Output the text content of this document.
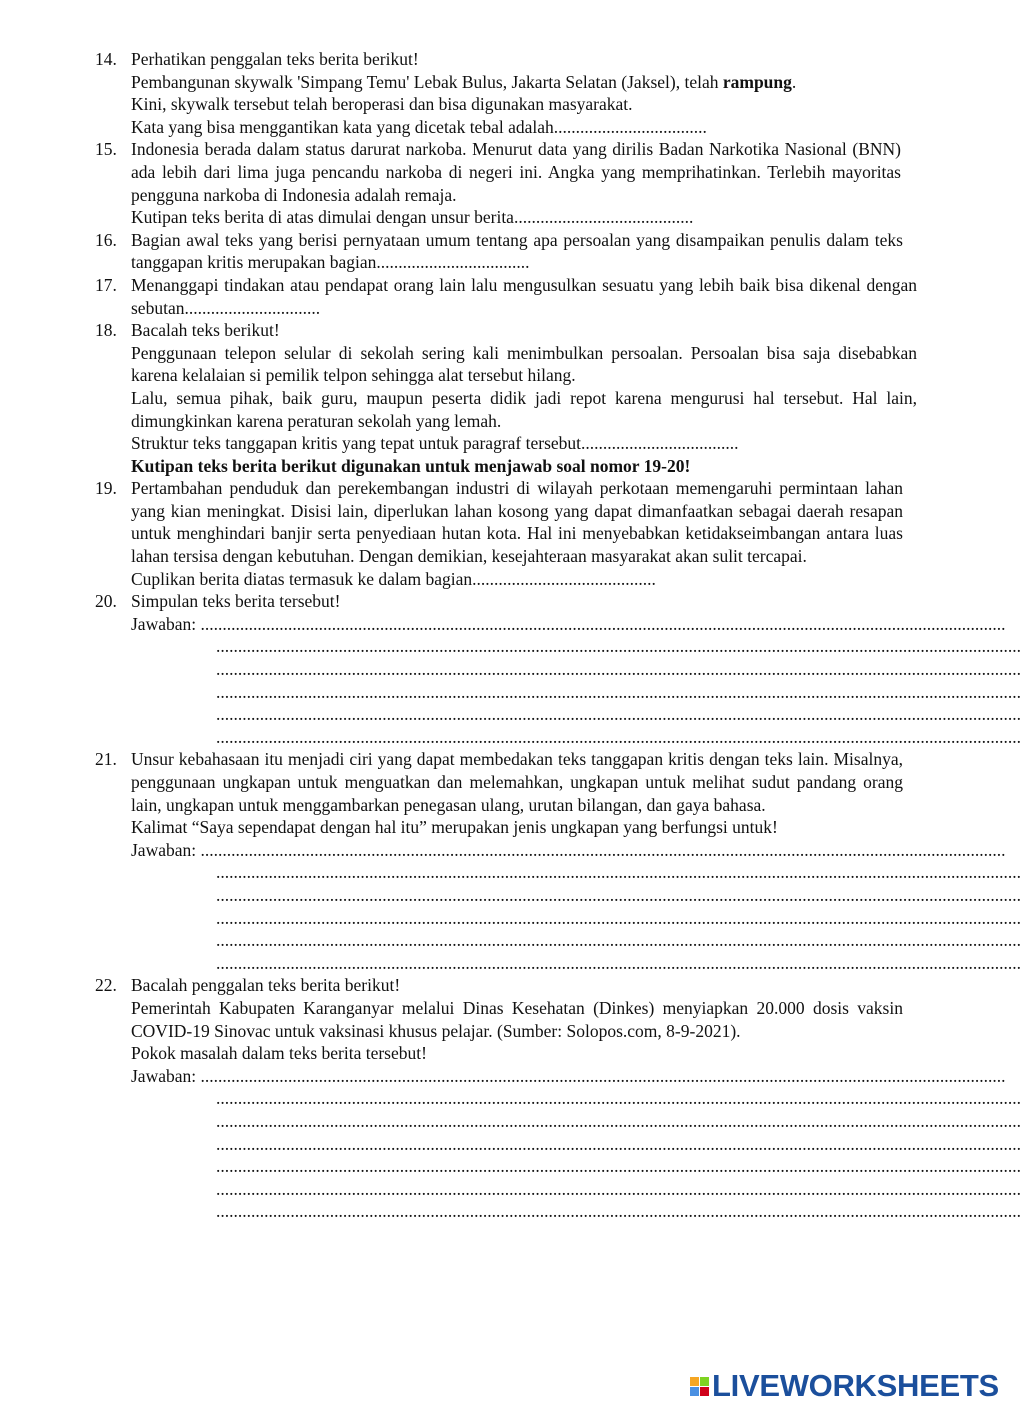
14. Perhatikan penggalan teks berita berikut!
Pembangunan skywalk 'Simpang Temu' Lebak Bulus, Jakarta Selatan (Jaksel), telah rampung.
Kini, skywalk tersebut telah beroperasi dan bisa digunakan masyarakat.
Kata yang bisa menggantikan kata yang dicetak tebal adalah...................................
15. Indonesia berada dalam status darurat narkoba. Menurut data yang dirilis Badan Narkotika Nasional (BNN) ada lebih dari lima juga pencandu narkoba di negeri ini. Angka yang memprihatinkan. Terlebih mayoritas pengguna narkoba di Indonesia adalah remaja.
Kutipan teks berita di atas dimulai dengan unsur berita.........................................
16. Bagian awal teks yang berisi pernyataan umum tentang apa persoalan yang disampaikan penulis dalam teks tanggapan kritis merupakan bagian...................................
17. Menanggapi tindakan atau pendapat orang lain lalu mengusulkan sesuatu yang lebih baik bisa dikenal dengan sebutan...............................
18. Bacalah teks berikut!
Penggunaan telepon selular di sekolah sering kali menimbulkan persoalan. Persoalan bisa saja disebabkan karena kelalaian si pemilik telpon sehingga alat tersebut hilang.
Lalu, semua pihak, baik guru, maupun peserta didik jadi repot karena mengurusi hal tersebut. Hal lain, dimungkinkan karena peraturan sekolah yang lemah.
Struktur teks tanggapan kritis yang tepat untuk paragraf tersebut....................................
Kutipan teks berita berikut digunakan untuk menjawab soal nomor 19-20!
19. Pertambahan penduduk dan perekembangan industri di wilayah perkotaan memengaruhi permintaan lahan yang kian meningkat. Disisi lain, diperlukan lahan kosong yang dapat dimanfaatkan sebagai daerah resapan untuk menghindari banjir serta penyediaan hutan kota. Hal ini menyebabkan ketidakseimbangan antara luas lahan tersisa dengan kebutuhan. Dengan demikian, kesejahteraan masyarakat akan sulit tercapai.
Cuplikan berita diatas termasuk ke dalam bagian..........................................
20. Simpulan teks berita tersebut!
Jawaban: ........................................................................................................................................................................................
........................................................................................................................................................................................
........................................................................................................................................................................................
........................................................................................................................................................................................
........................................................................................................................................................................................
........................................................................................................................................................................................
21. Unsur kebahasaan itu menjadi ciri yang dapat membedakan teks tanggapan kritis dengan teks lain. Misalnya, penggunaan ungkapan untuk menguatkan dan melemahkan, ungkapan untuk melihat sudut pandang orang lain, ungkapan untuk menggambarkan penegasan ulang, urutan bilangan, dan gaya bahasa.
Kalimat “Saya sependapat dengan hal itu” merupakan jenis ungkapan yang berfungsi untuk!
Jawaban: ........................................................................................................................................................................................
........................................................................................................................................................................................
........................................................................................................................................................................................
........................................................................................................................................................................................
........................................................................................................................................................................................
........................................................................................................................................................................................
22. Bacalah penggalan teks berita berikut!
Pemerintah Kabupaten Karanganyar melalui Dinas Kesehatan (Dinkes) menyiapkan 20.000 dosis vaksin COVID-19 Sinovac untuk vaksinasi khusus pelajar. (Sumber: Solopos.com, 8-9-2021).
Pokok masalah dalam teks berita tersebut!
Jawaban: ........................................................................................................................................................................................
........................................................................................................................................................................................
........................................................................................................................................................................................
........................................................................................................................................................................................
........................................................................................................................................................................................
........................................................................................................................................................................................
........................................................................................................................................................................................
LIVEWORKSHEETS
